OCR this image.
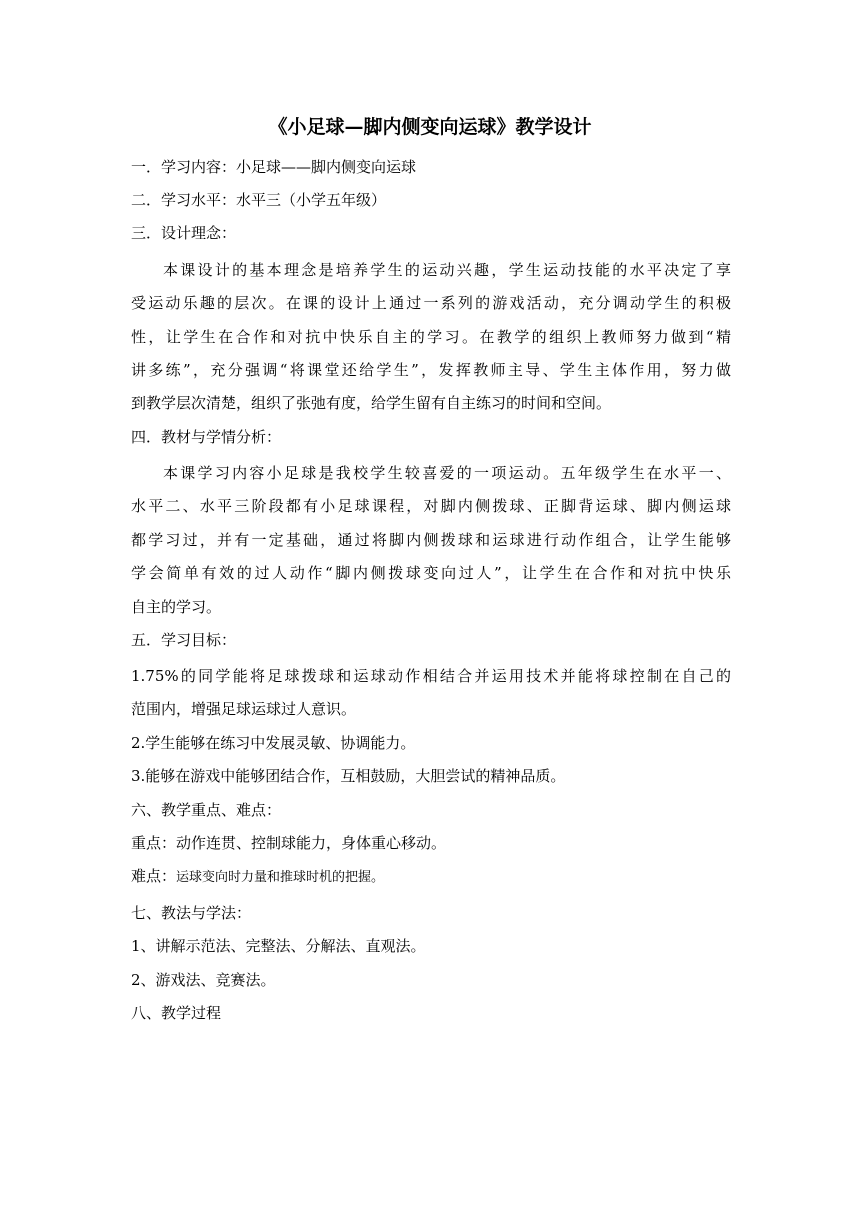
《小足球—脚内侧变向运球》教学设计
一．学习内容：小足球——脚内侧变向运球
二．学习水平：水平三（小学五年级）
三．设计理念：
本课设计的基本理念是培养学生的运动兴趣，学生运动技能的水平决定了享
受运动乐趣的层次。在课的设计上通过一系列的游戏活动，充分调动学生的积极
性，让学生在合作和对抗中快乐自主的学习。在教学的组织上教师努力做到“精
讲多练”，充分强调“将课堂还给学生”，发挥教师主导、学生主体作用，努力做
到教学层次清楚，组织了张弛有度，给学生留有自主练习的时间和空间。
四．教材与学情分析：
本课学习内容小足球是我校学生较喜爱的一项运动。五年级学生在水平一、
水平二、水平三阶段都有小足球课程，对脚内侧拨球、正脚背运球、脚内侧运球
都学习过，并有一定基础，通过将脚内侧拨球和运球进行动作组合，让学生能够
学会简单有效的过人动作“脚内侧拨球变向过人”，让学生在合作和对抗中快乐
自主的学习。
五．学习目标：
1.75%的同学能将足球拨球和运球动作相结合并运用技术并能将球控制在自己的
范围内，增强足球运球过人意识。
2.学生能够在练习中发展灵敏、协调能力。
3.能够在游戏中能够团结合作，互相鼓励，大胆尝试的精神品质。
六、教学重点、难点：
重点：动作连贯、控制球能力，身体重心移动。
难点：运球变向时力量和推球时机的把握。
七、教法与学法：
1、讲解示范法、完整法、分解法、直观法。
2、游戏法、竞赛法。
八、教学过程
